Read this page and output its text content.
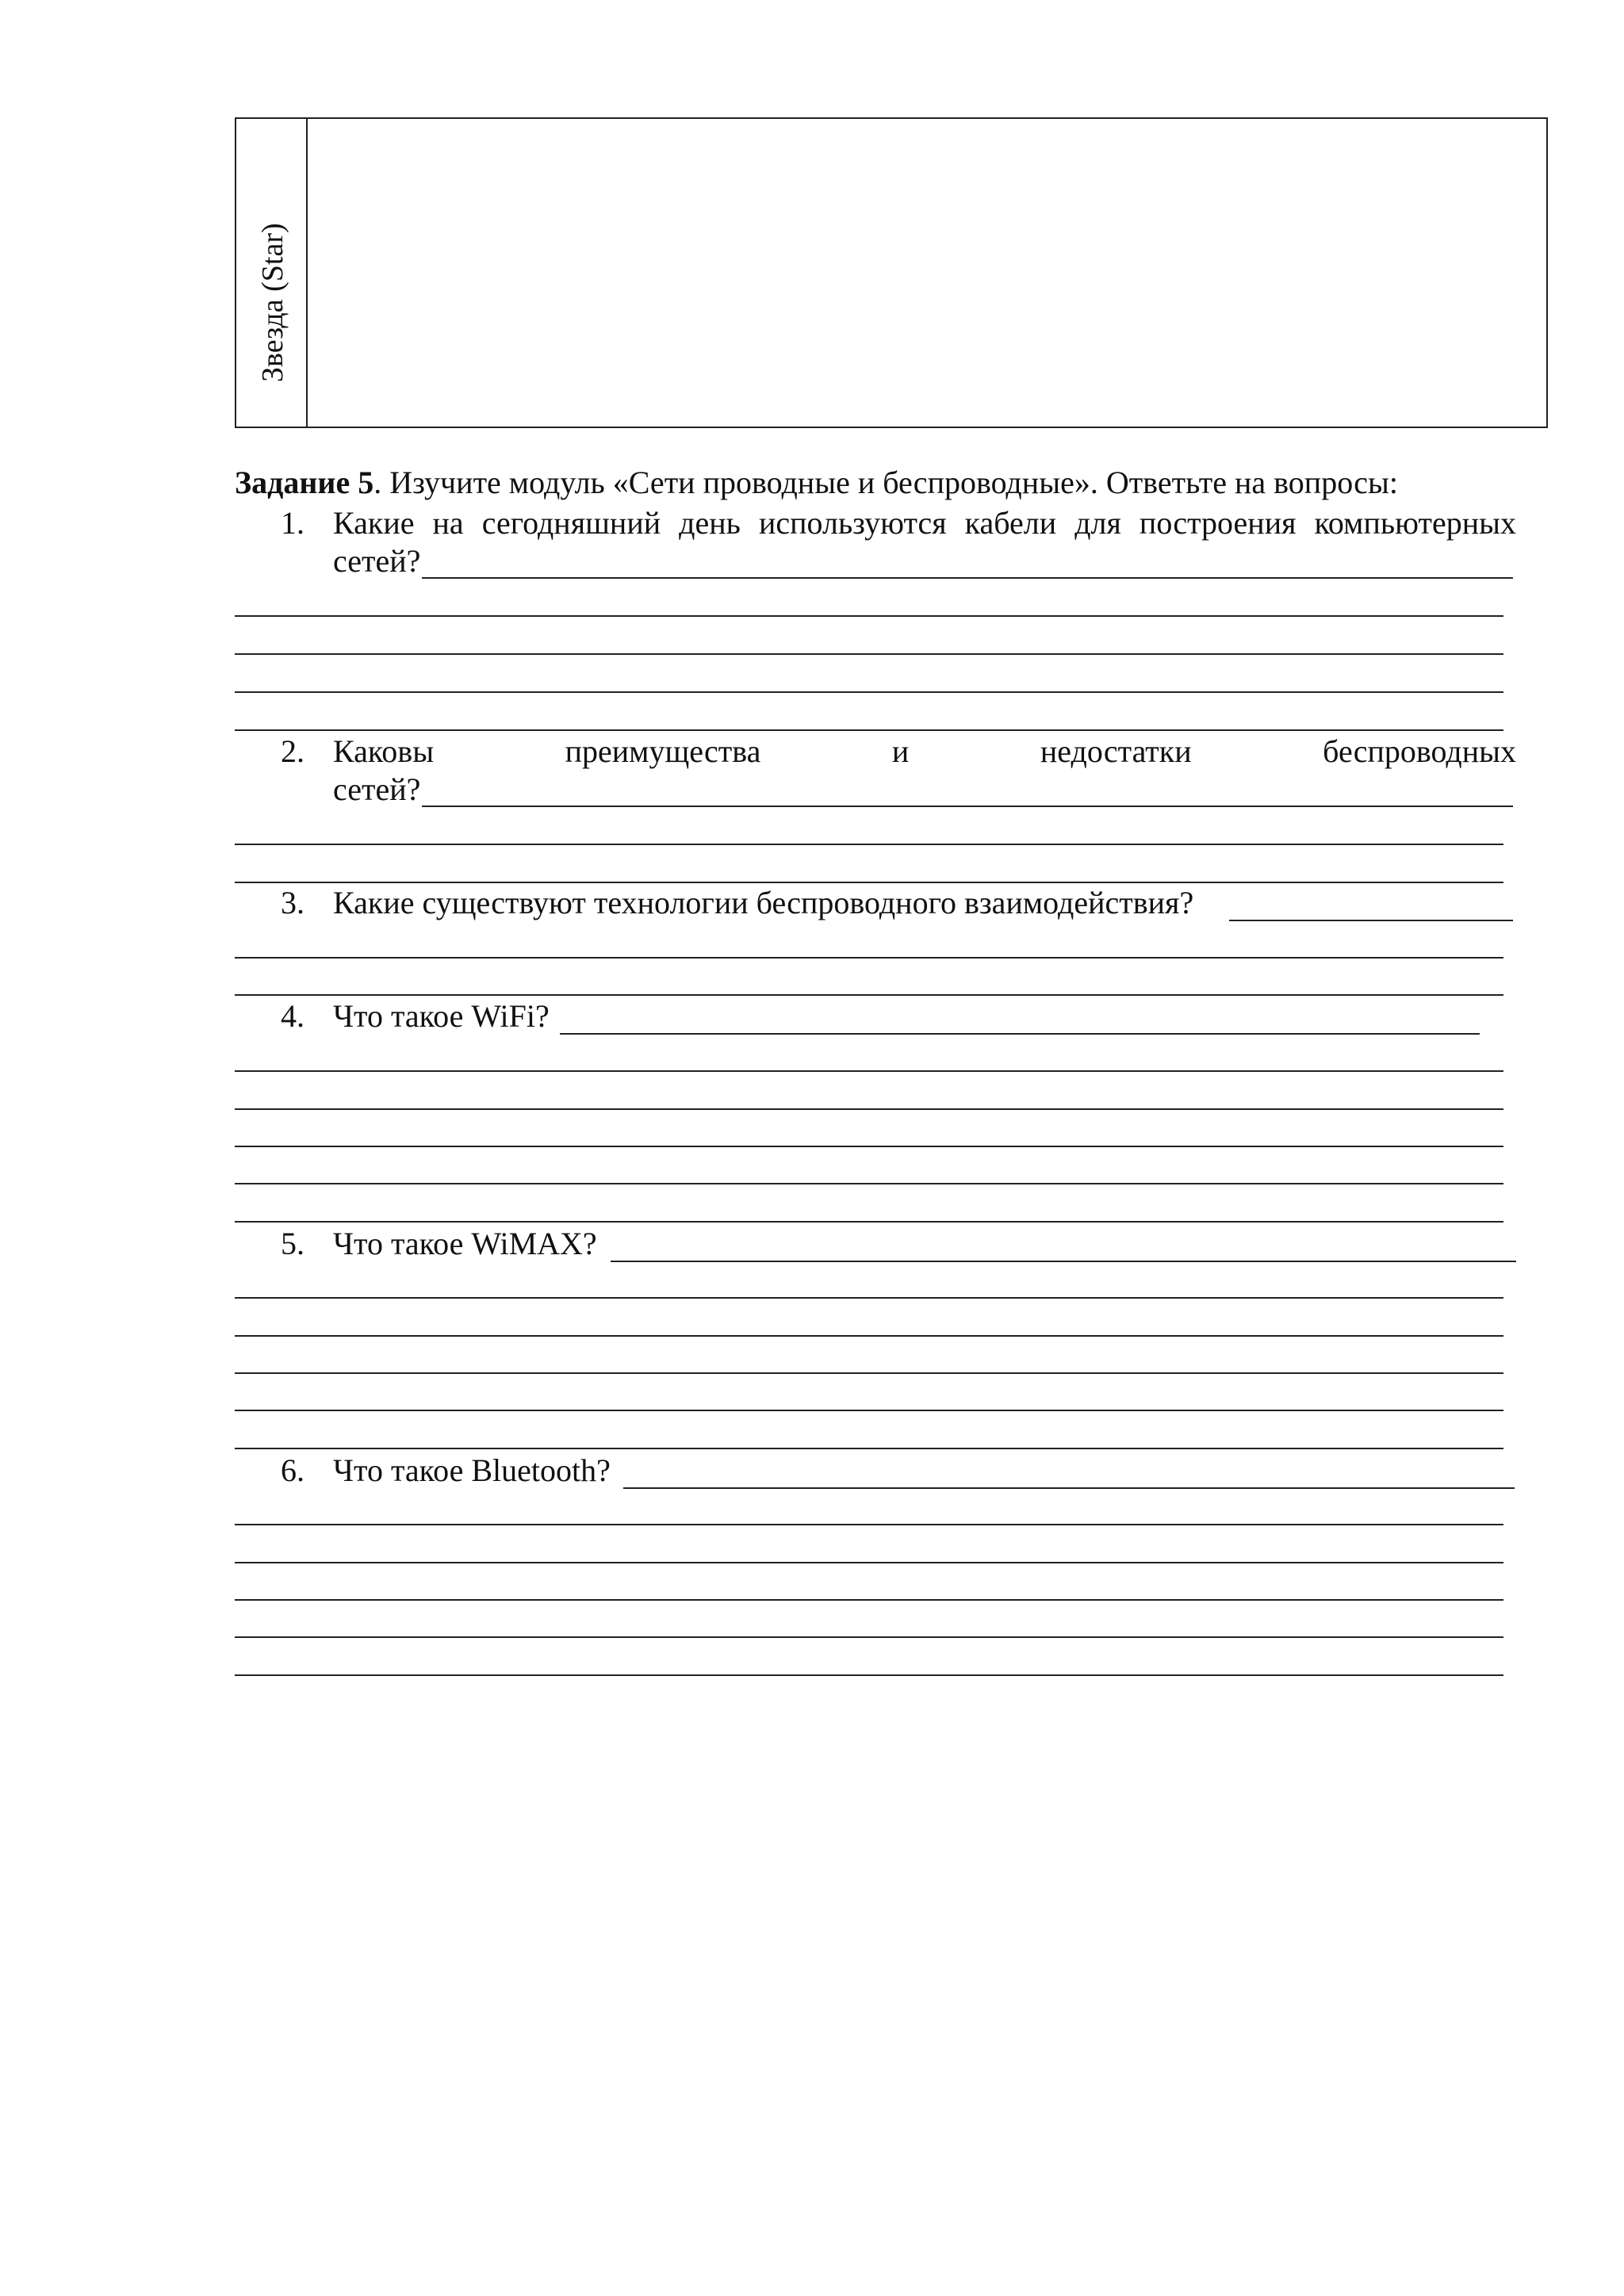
Звезда (Star)
Задание 5. Изучите модуль «Сети проводные и беспроводные». Ответьте на вопросы:
1. Какие на сегодняшний день используются кабели для построения компьютерных
сетей?
2. Каковы	преимущества	и	недостатки	беспроводных
сетей?
3. Какие существуют технологии беспроводного взаимодействия?
4. Что такое WiFi?
5. Что такое WiMAX?
6. Что такое Bluetooth?
